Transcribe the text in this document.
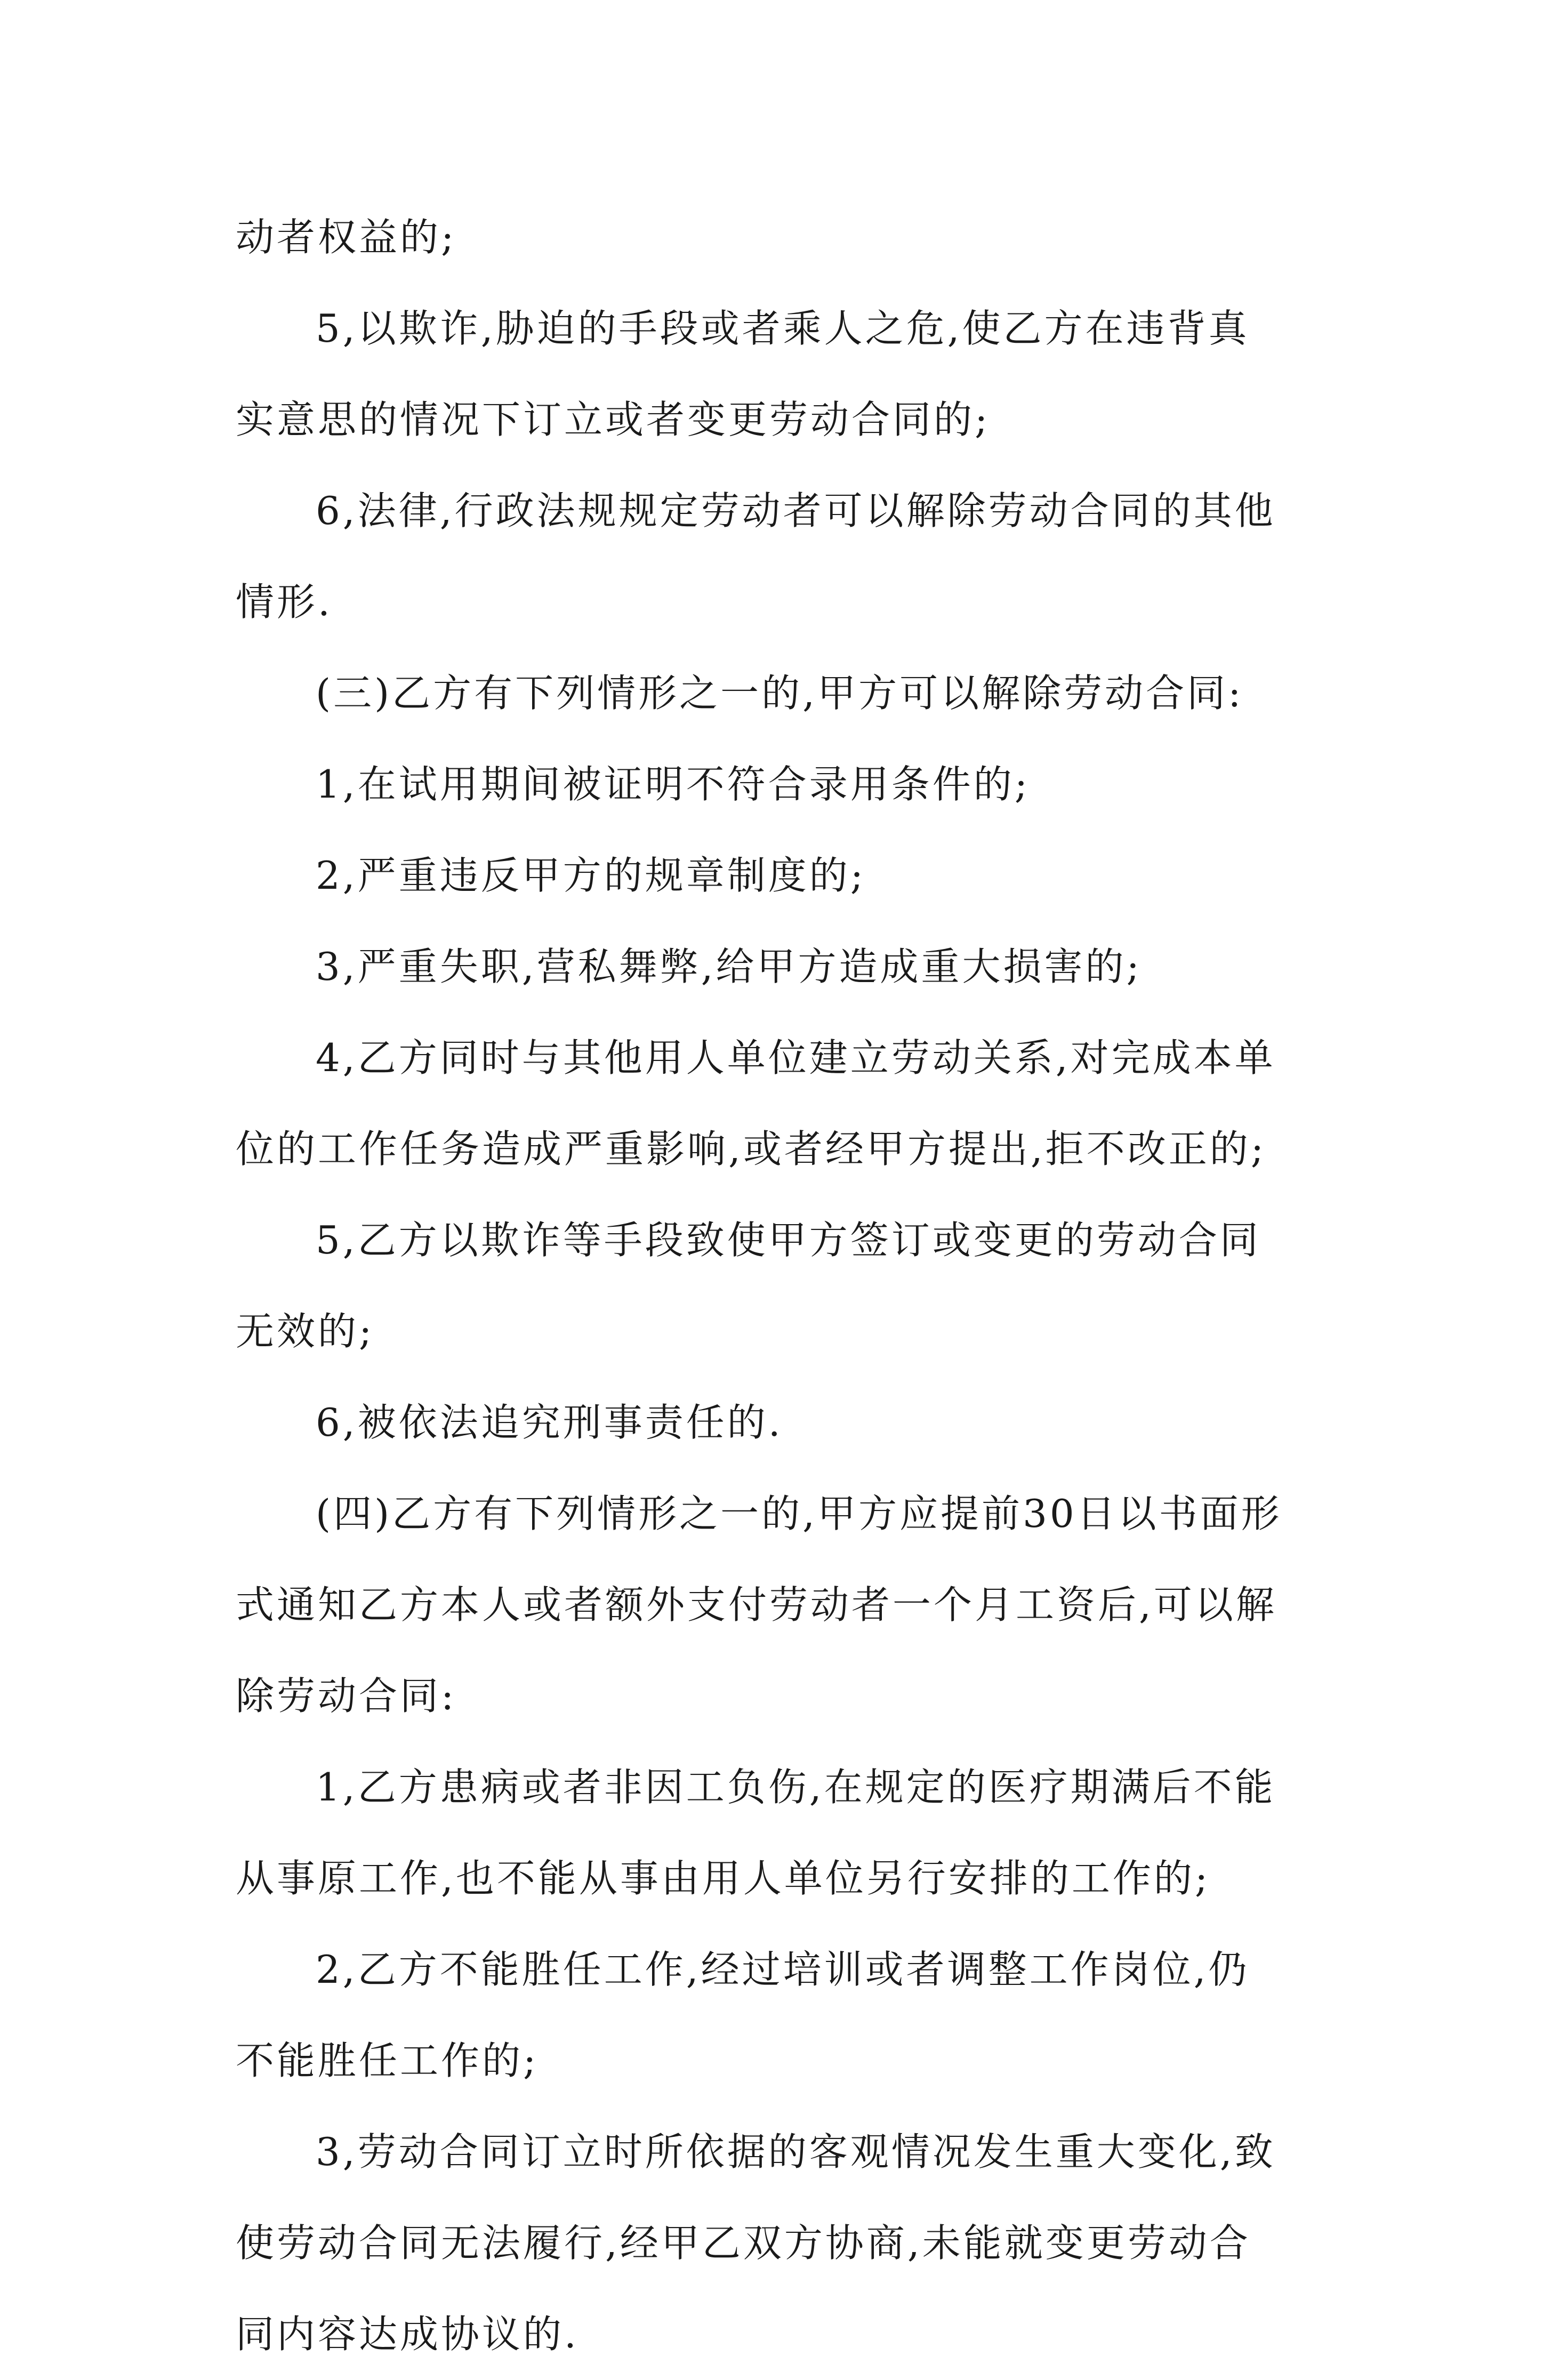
动者权益的;
5,以欺诈,胁迫的手段或者乘人之危,使乙方在违背真
实意思的情况下订立或者变更劳动合同的;
6,法律,行政法规规定劳动者可以解除劳动合同的其他
情形.
(三)乙方有下列情形之一的,甲方可以解除劳动合同:
1,在试用期间被证明不符合录用条件的;
2,严重违反甲方的规章制度的;
3,严重失职,营私舞弊,给甲方造成重大损害的;
4,乙方同时与其他用人单位建立劳动关系,对完成本单
位的工作任务造成严重影响,或者经甲方提出,拒不改正的;
5,乙方以欺诈等手段致使甲方签订或变更的劳动合同
无效的;
6,被依法追究刑事责任的.
(四)乙方有下列情形之一的,甲方应提前30日以书面形
式通知乙方本人或者额外支付劳动者一个月工资后,可以解
除劳动合同:
1,乙方患病或者非因工负伤,在规定的医疗期满后不能
从事原工作,也不能从事由用人单位另行安排的工作的;
2,乙方不能胜任工作,经过培训或者调整工作岗位,仍
不能胜任工作的;
3,劳动合同订立时所依据的客观情况发生重大变化,致
使劳动合同无法履行,经甲乙双方协商,未能就变更劳动合
同内容达成协议的.
